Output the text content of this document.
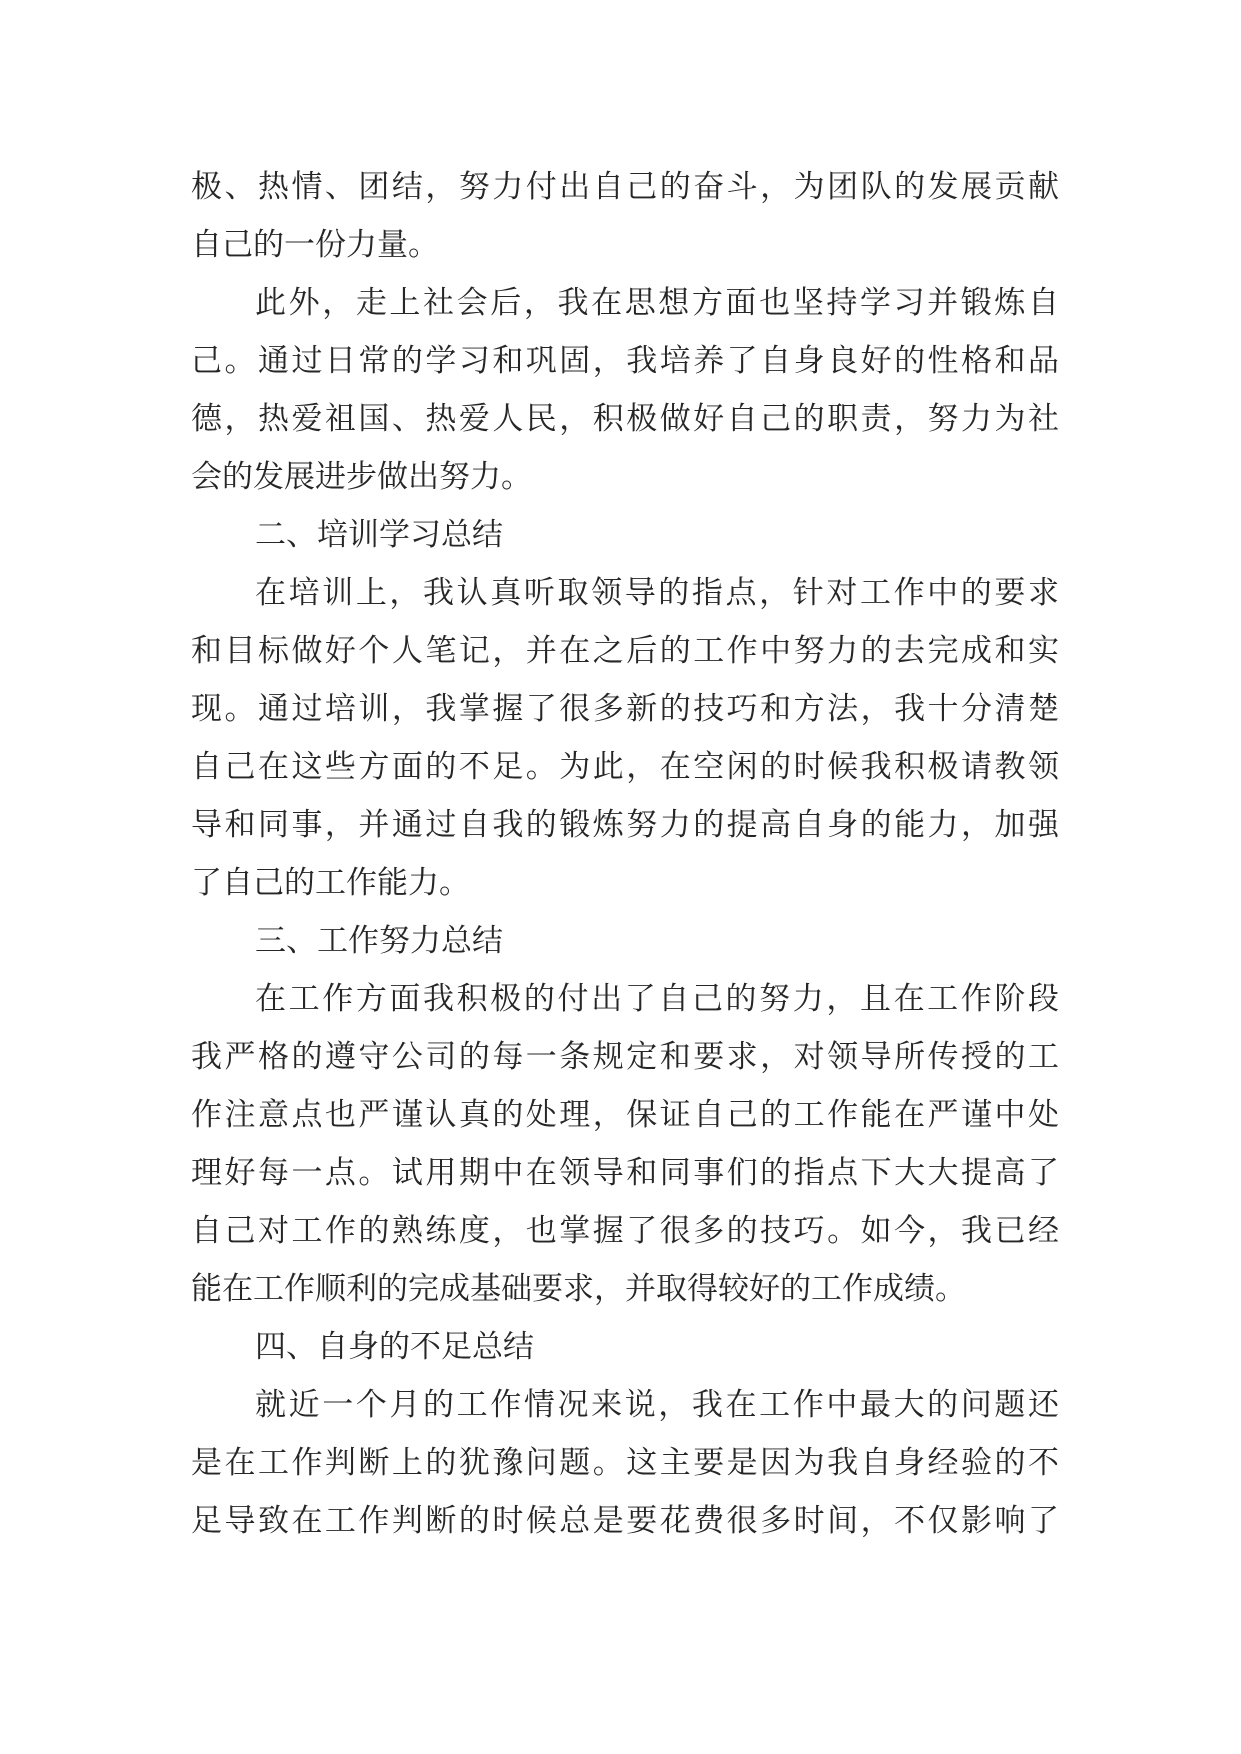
极、热情、团结，努力付出自己的奋斗，为团队的发展贡献
自己的一份力量。
此外，走上社会后，我在思想方面也坚持学习并锻炼自
己。通过日常的学习和巩固，我培养了自身良好的性格和品
德，热爱祖国、热爱人民，积极做好自己的职责，努力为社
会的发展进步做出努力。
二、培训学习总结
在培训上，我认真听取领导的指点，针对工作中的要求
和目标做好个人笔记，并在之后的工作中努力的去完成和实
现。通过培训，我掌握了很多新的技巧和方法，我十分清楚
自己在这些方面的不足。为此，在空闲的时候我积极请教领
导和同事，并通过自我的锻炼努力的提高自身的能力，加强
了自己的工作能力。
三、工作努力总结
在工作方面我积极的付出了自己的努力，且在工作阶段
我严格的遵守公司的每一条规定和要求，对领导所传授的工
作注意点也严谨认真的处理，保证自己的工作能在严谨中处
理好每一点。试用期中在领导和同事们的指点下大大提高了
自己对工作的熟练度，也掌握了很多的技巧。如今，我已经
能在工作顺利的完成基础要求，并取得较好的工作成绩。
四、自身的不足总结
就近一个月的工作情况来说，我在工作中最大的问题还
是在工作判断上的犹豫问题。这主要是因为我自身经验的不
足导致在工作判断的时候总是要花费很多时间，不仅影响了
